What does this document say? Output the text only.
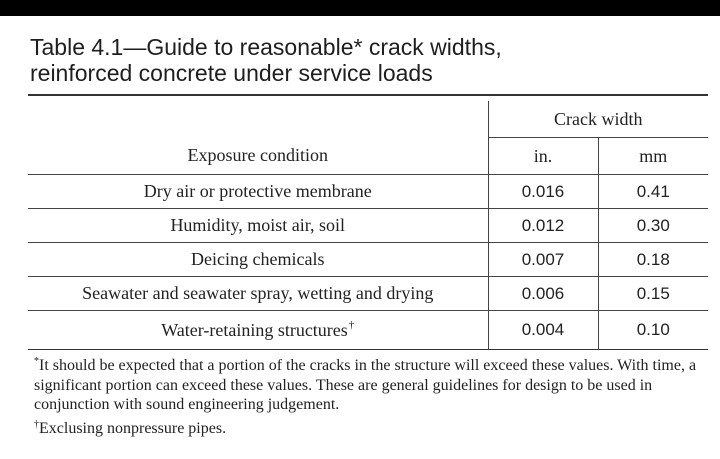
Table 4.1—Guide to reasonable* crack widths,
reinforced concrete under service loads
	Crack width	
Exposure condition	in.	mm
Dry air or protective membrane	0.016	0.41
Humidity, moist air, soil	0.012	0.30
Deicing chemicals	0.007	0.18
Seawater and seawater spray, wetting and drying	0.006	0.15
Water-retaining structures†	0.004	0.10

*It should be expected that a portion of the cracks in the structure will exceed these values. With time, a significant portion can exceed these values. These are general guidelines for design to be used in conjunction with sound engineering judgement.

†Exclusing nonpressure pipes.
